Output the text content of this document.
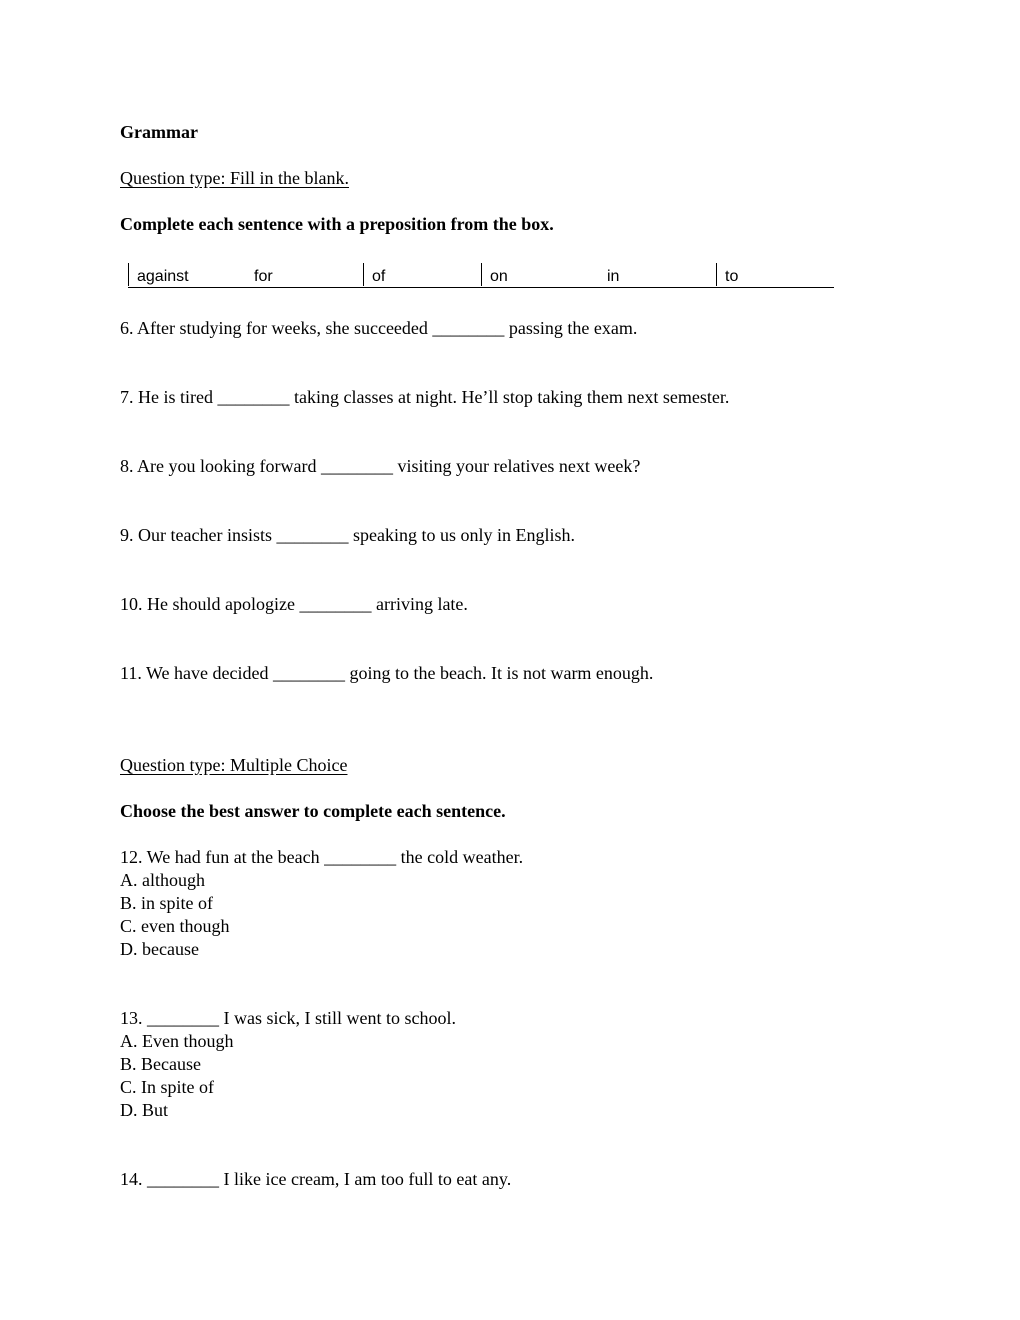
Grammar
Question type: Fill in the blank.
Complete each sentence with a preposition from the box.
against	for	of	on	in	to
6. After studying for weeks, she succeeded ________ passing the exam.
7. He is tired ________ taking classes at night. He’ll stop taking them next semester.
8. Are you looking forward ________ visiting your relatives next week?
9. Our teacher insists ________ speaking to us only in English.
10. He should apologize ________ arriving late.
11. We have decided ________ going to the beach. It is not warm enough.
Question type: Multiple Choice
Choose the best answer to complete each sentence.
12. We had fun at the beach ________ the cold weather.
A. although
B. in spite of
C. even though
D. because
13. ________ I was sick, I still went to school.
A. Even though
B. Because
C. In spite of
D. But
14. ________ I like ice cream, I am too full to eat any.
